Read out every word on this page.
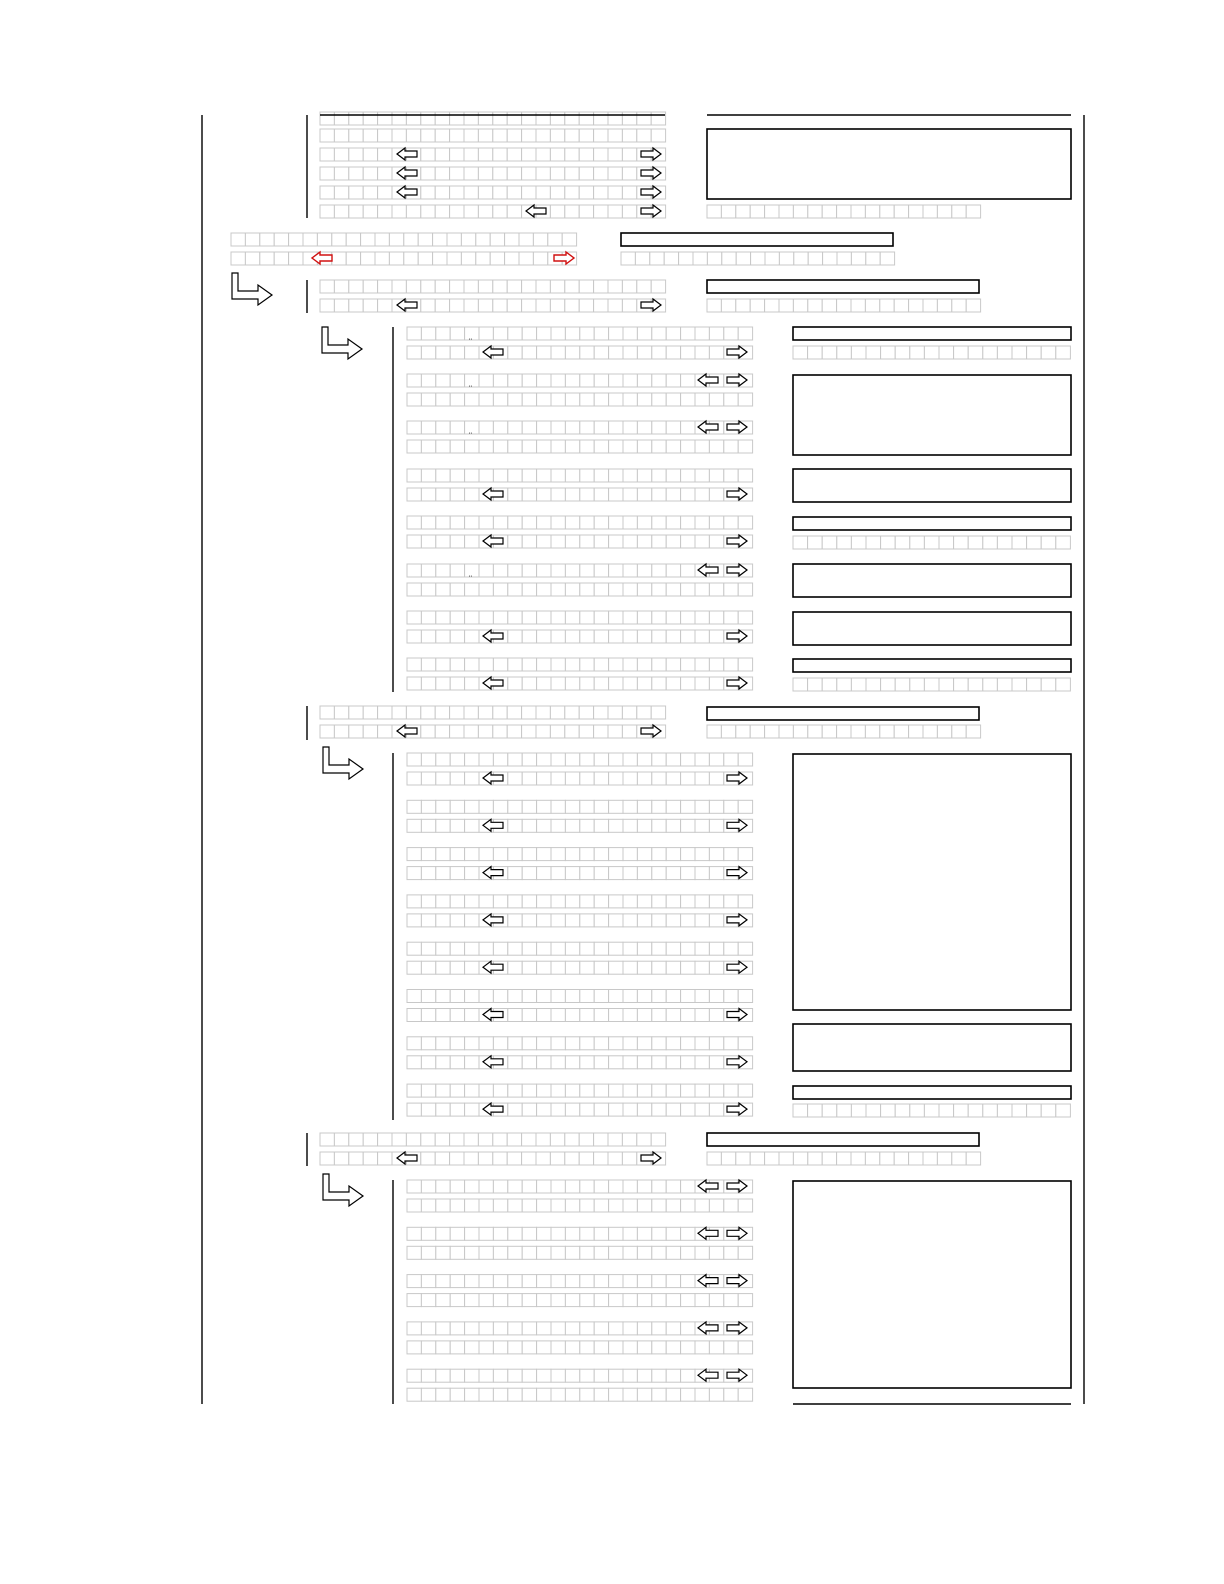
¨
¨
¨
¨
